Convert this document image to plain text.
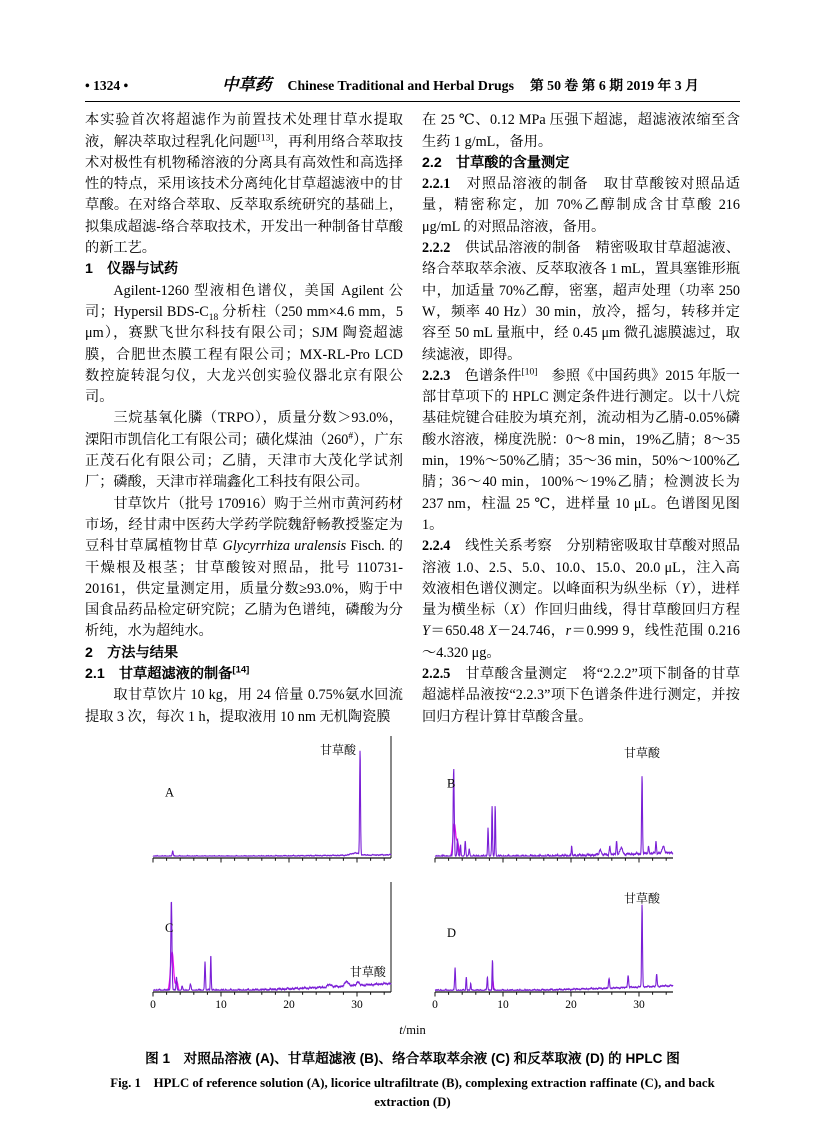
• 1324 •	中草药 Chinese Traditional and Herbal Drugs 第 50 卷 第 6 期 2019 年 3 月
本实验首次将超滤作为前置技术处理甘草水提取液，解决萃取过程乳化问题[13]，再利用络合萃取技术对极性有机物稀溶液的分离具有高效性和高选择性的特点，采用该技术分离纯化甘草超滤液中的甘草酸。在对络合萃取、反萃取系统研究的基础上，拟集成超滤-络合萃取技术，开发出一种制备甘草酸的新工艺。
1　仪器与试药
Agilent-1260 型液相色谱仪，美国 Agilent 公司；Hypersil BDS-$C_{18}$ 分析柱（250 mm×4.6 mm，5 μm），赛默飞世尔科技有限公司；SJM 陶瓷超滤膜，合肥世杰膜工程有限公司；MX-RL-Pro LCD 数控旋转混匀仪，大龙兴创实验仪器北京有限公司。
三烷基氧化膦（TRPO），质量分数＞93.0%，溧阳市凯信化工有限公司；磺化煤油（260#），广东正茂石化有限公司；乙腈，天津市大茂化学试剂厂；磷酸，天津市祥瑞鑫化工科技有限公司。
甘草饮片（批号 170916）购于兰州市黄河药材市场，经甘肃中医药大学药学院魏舒畅教授鉴定为豆科甘草属植物甘草 Glycyrrhiza uralensis Fisch. 的干燥根及根茎；甘草酸铵对照品，批号 110731-20161，供定量测定用，质量分数≥93.0%，购于中国食品药品检定研究院；乙腈为色谱纯，磷酸为分析纯，水为超纯水。
2　方法与结果
2.1　甘草超滤液的制备[14]
取甘草饮片 10 kg，用 24 倍量 0.75%氨水回流提取 3 次，每次 1 h，提取液用 10 nm 无机陶瓷膜
在 25 ℃、0.12 MPa 压强下超滤，超滤液浓缩至含生药 1 g/mL，备用。
2.2　甘草酸的含量测定
2.2.1　对照品溶液的制备　取甘草酸铵对照品适量，精密称定，加 70%乙醇制成含甘草酸 216 μg/mL 的对照品溶液，备用。
2.2.2　供试品溶液的制备　精密吸取甘草超滤液、络合萃取萃余液、反萃取液各 1 mL，置具塞锥形瓶中，加适量 70%乙醇，密塞，超声处理（功率 250 W，频率 40 Hz）30 min，放冷，摇匀，转移并定容至 50 mL 量瓶中，经 0.45 μm 微孔滤膜滤过，取续滤液，即得。
2.2.3　色谱条件[10]　参照《中国药典》2015 年版一部甘草项下的 HPLC 测定条件进行测定。以十八烷基硅烷键合硅胶为填充剂，流动相为乙腈-0.05%磷酸水溶液，梯度洗脱：0～8 min，19%乙腈；8～35 min，19%～50%乙腈；35～36 min，50%～100%乙腈；36～40 min，100%～19%乙腈；检测波长为 237 nm，柱温 25 ℃，进样量 10 μL。色谱图见图 1。
2.2.4　线性关系考察　分别精密吸取甘草酸对照品溶液 1.0、2.5、5.0、10.0、15.0、20.0 μL，注入高效液相色谱仪测定。以峰面积为纵坐标（Y），进样量为横坐标（X）作回归曲线，得甘草酸回归方程 Y＝650.48 X－24.746，r＝0.999 9，线性范围 0.216～4.320 μg。
2.2.5　甘草酸含量测定　将“2.2.2”项下制备的甘草超滤样品液按“2.2.3”项下色谱条件进行测定，并按回归方程计算甘草酸含量。
A
甘草酸
B
甘草酸
0	10	20	30
C
甘草酸
0	10	20	30
D
甘草酸
t/min
图 1　对照品溶液 (A)、甘草超滤液 (B)、络合萃取萃余液 (C) 和反萃取液 (D) 的 HPLC 图
Fig. 1　HPLC of reference solution (A), licorice ultrafiltrate (B), complexing extraction raffinate (C), and back extraction (D)
